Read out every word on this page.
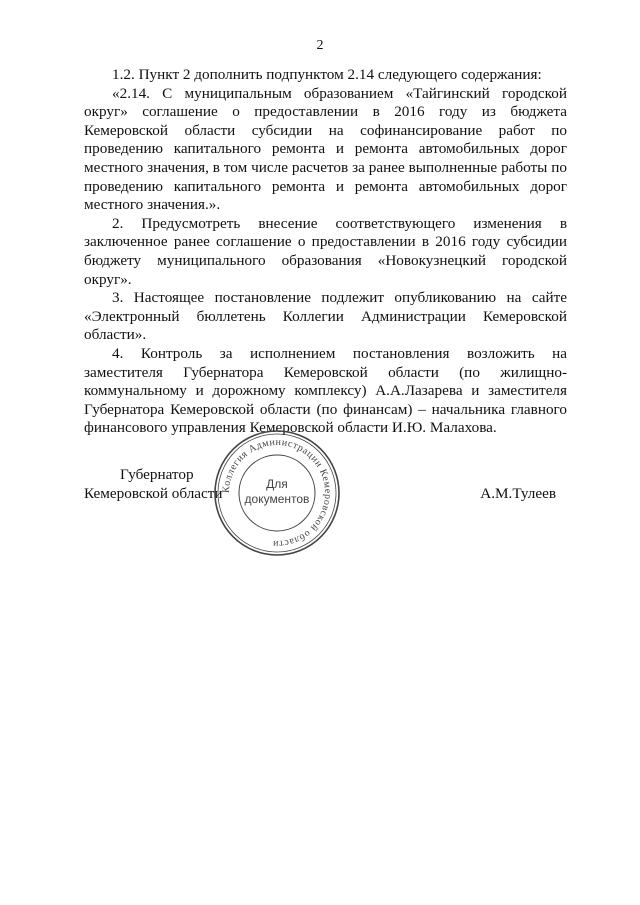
2

1.2. Пункт 2 дополнить подпунктом 2.14 следующего содержания:

«2.14. С муниципальным образованием «Тайгинский городской округ» соглашение о предоставлении в 2016 году из бюджета Кемеровской области субсидии на софинансирование работ по проведению капитального ремонта и ремонта автомобильных дорог местного значения, в том числе расчетов за ранее выполненные работы по проведению капитального ремонта и ремонта автомобильных дорог местного значения.».

2. Предусмотреть внесение соответствующего изменения в заключенное ранее соглашение о предоставлении в 2016 году субсидии бюджету муниципального образования «Новокузнецкий городской округ».

3. Настоящее постановление подлежит опубликованию на сайте «Электронный бюллетень Коллегии Администрации Кемеровской области».

4. Контроль за исполнением постановления возложить на заместителя Губернатора Кемеровской области (по жилищно-коммунальному и дорожному комплексу) А.А.Лазарева и заместителя Губернатора Кемеровской области (по финансам) – начальника главного финансового управления Кемеровской области И.Ю. Малахова.

Губернатор
Кемеровской области	А.М.Тулеев
Коллегия Администрации Кемеровской области
Для
документов
